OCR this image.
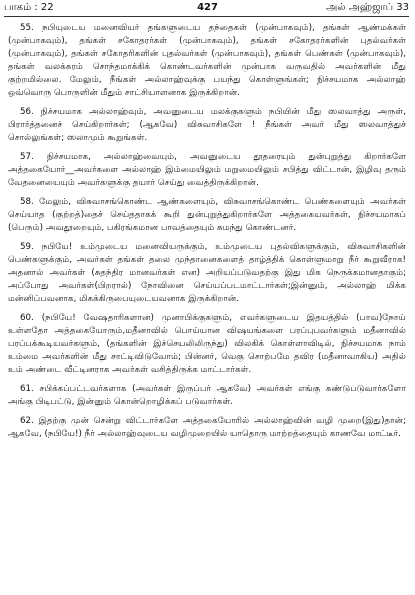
பாகம் : 22	427	அல் அஹ்ஜாப் 33

55. நபியுடைய மனைவியர் தங்களுடைய தந்தைகள் (முன்பாகவும்), தங்கள் ஆண்மக்கள் (முன்பாகவும்), தங்கள் சகோதரர்கள் (முன்பாகவும்), தங்கள் சகோதரர்களின் புதல்வர்கள் (முன்பாகவும்), தங்கள் சகோதரிகளின் புதல்வர்கள் (முன்பாகவும்), தங்கள் பெண்கள் (முன்பாகவும்), தங்கள் வலக்கரம் சொந்தமாக்கிக் கொண்டவர்களின் முன்பாக வருவதில் அவர்களின் மீது குற்றமில்லை. மேலும், நீங்கள் அல்லாஹ்வுக்கு பயந்து கொள்ளுங்கள்; நிச்சயமாக அல்லாஹ் ஒவ்வொரு பொருளின் மீதும் சாட்சியாளனாக இருக்கிறான்.

56. நிச்சயமாக அல்லாஹ்வும், அவனுடைய மலக்குகளும் நபியின் மீது ஸலவாத்து அருள், பிரார்த்தனைச் செய்கிறார்கள்; (ஆகவே) விசுவாசிகளே ! நீங்கள் அவர் மீது ஸலவாத்துச் சொல்லுங்கள்; ஸலாமும் கூறுங்கள்.

57. நிச்சயமாக, அல்லாஹ்வையும், அவனுடைய தூதரையும் துன்புறுத்து கிறார்களே அத்தகையோர்__அவர்களை அல்லாஹ் இம்மையிலும் மறுமையிலும் சபித்து விட்டான், இழிவு தரும் வேதனையையும் அவர்களுக்கு தயார் செய்து வைத்திருக்கிறான்.

58. மேலும், விசுவாசங்கொண்ட ஆண்களையும், விசுவாசங்கொண்ட பெண்களையும் அவர்கள் செய்யாத (குற்றத்)தைச் செய்ததாகக் கூறி துன்புறுத்துகிறார்களே அத்தகையவர்கள், நிச்சயமாகப் (பெரும்) அவதூறையும், பகிரங்கமான பாவத்தையும் சுமந்து கொண்டனர்.

59. நபியே! உம்முடைய மனைவியருக்கும், உம்முடைய புதல்விகளுக்கும், விசுவாசிகளின் பெண்களுக்கும், அவர்கள் தங்கள் தலை முந்தானைகளைத் தாழ்த்திக் கொள்ளுமாறு நீர் கூறுவீராக! அதனால் அவர்கள் (சுதந்திர மானவர்கள் என) அறியப்படுவதற்கு இது மிக நெருக்கமானதாகும்; அப்போது அவர்கள்(பிறரால்) நோவினை செய்யப்படமாட்டார்கள்;இன்னும், அல்லாஹ் மிக்க மன்னிப்பவனாக, மிகக்கிருபையுடையவனாக இருக்கிறான்.

60. (நபியே! வேஷதாரிகளான) முனாபிக்குகளும், எவர்களுடைய இதயத்தில் (பாவ)நோய் உள்ளதோ அத்தகையோரும்,மதீனாவில் பொய்யான விஷயங்களை பரப்புபவர்களும் மதீனாவில் பரப்பக்கூடியவர்களும், (தங்களின் இச்செயலிலிருந்து) விலகிக் கொள்ளாவிடில், நிச்சயமாக நாம் உம்மை அவர்களின் மீது சாட்டிவிடுவோம்; பின்னர், வெகு சொற்பமே தவிர (மதீனாவாகிய) அதில் உம் அண்டை வீட்டினராக அவர்கள் வசித்திருக்க மாட்டார்கள்.

61. சபிக்கப்பட்டவர்களாக (அவர்கள் இருப்பர் ஆகவே) அவர்கள் எங்கு கண்டுபடுவார்களோ அங்கு பிடிபட்டு, இன்னும் கொன்றொழிக்கப் படுவார்கள்.

62. இதற்கு முன் சென்று விட்டார்களே அத்தகையோரில் அல்லாஹ்வின் வழி முறை(இது)தான்; ஆகவே, (நபியே!) நீர் அல்லாஹ்வுடைய வழிமுறையில் யாதொரு மாற்றத்தையும் காணவே மாட்டீர்.
